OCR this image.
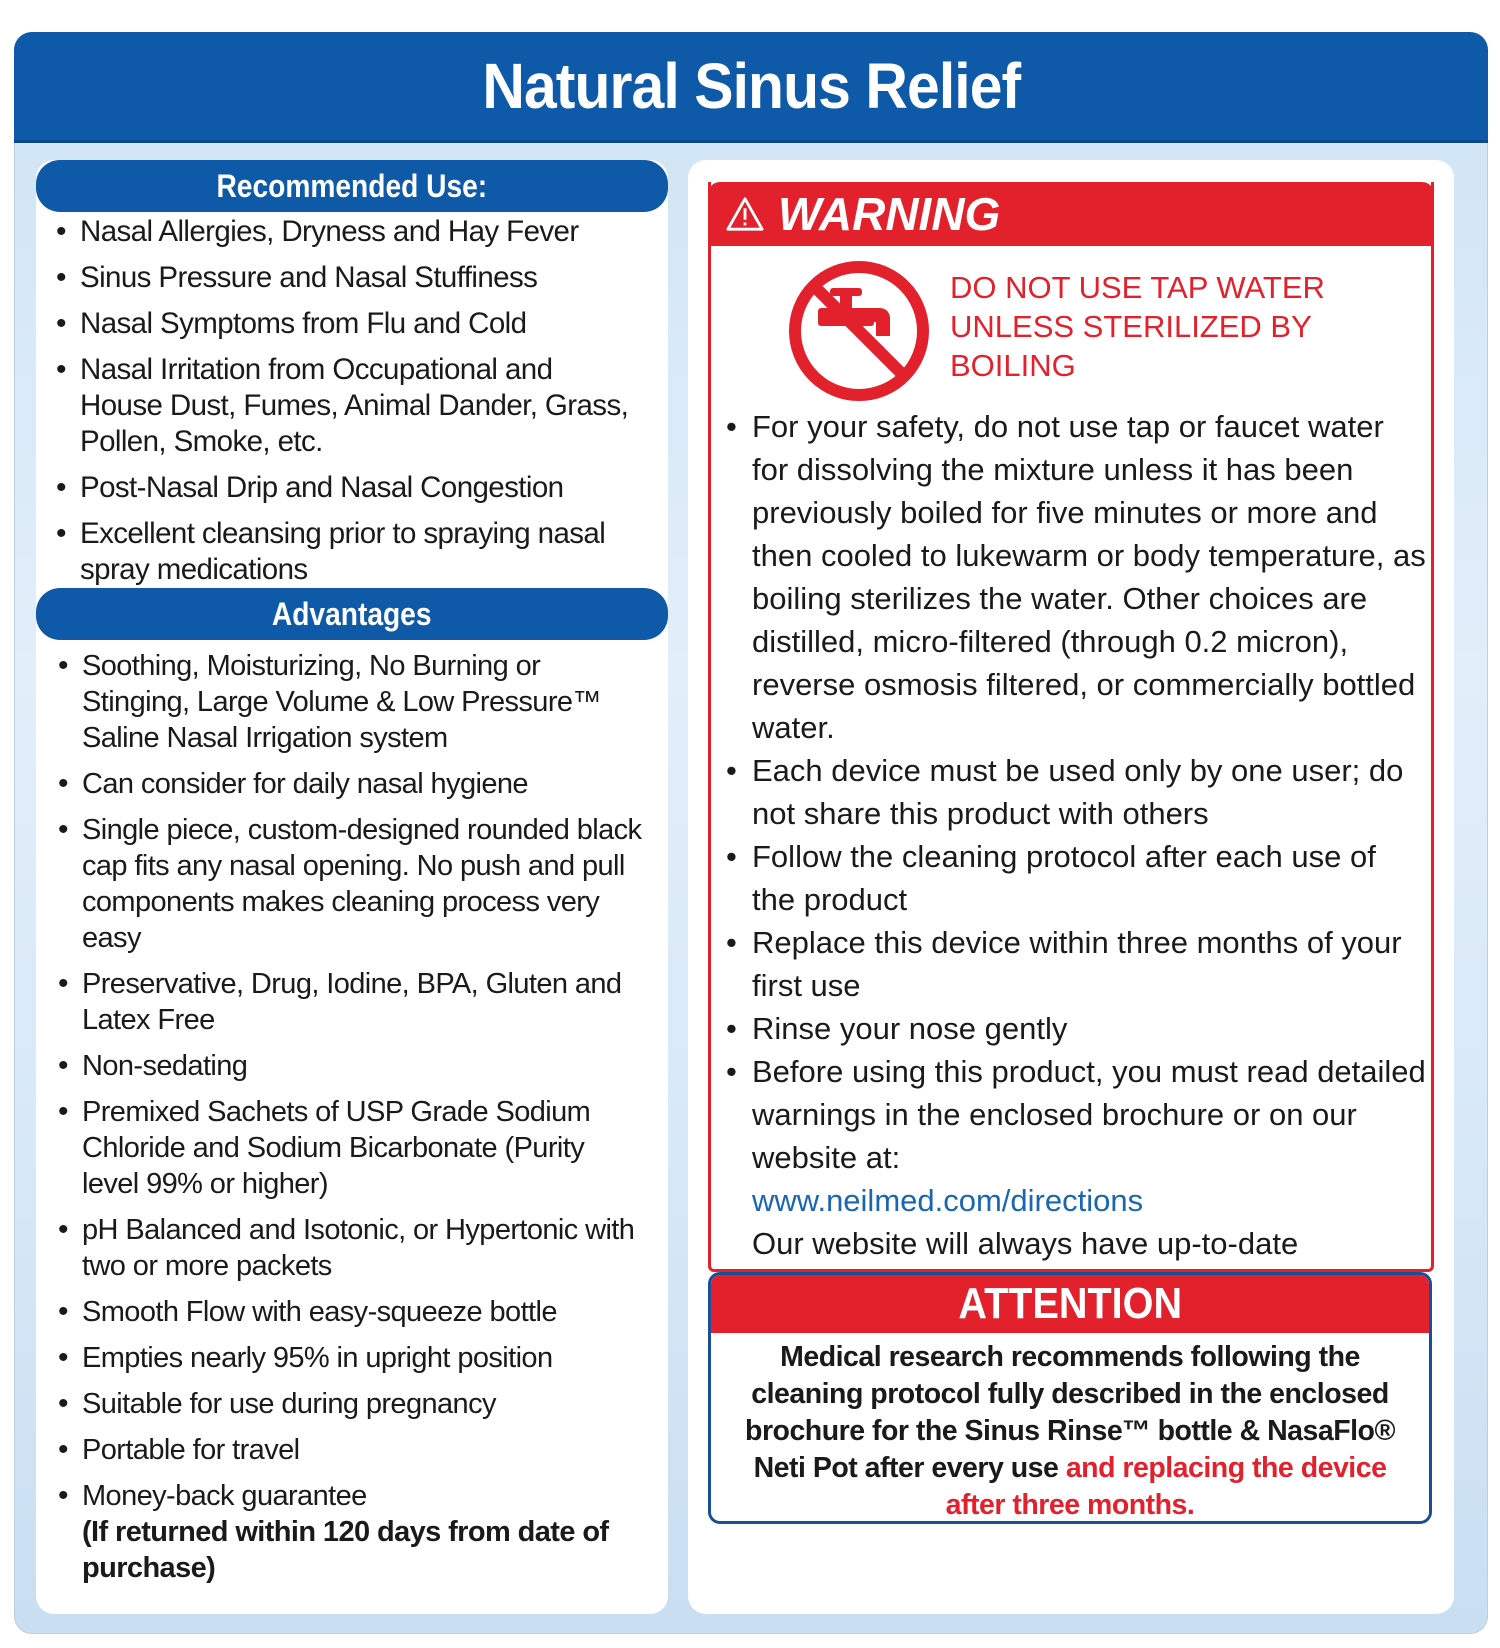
Natural Sinus Relief
Recommended Use:
• Nasal Allergies, Dryness and Hay Fever
• Sinus Pressure and Nasal Stuffiness
• Nasal Symptoms from Flu and Cold
• Nasal Irritation from Occupational and House Dust, Fumes, Animal Dander, Grass, Pollen, Smoke, etc.
• Post-Nasal Drip and Nasal Congestion
• Excellent cleansing prior to spraying nasal spray medications
Advantages
• Soothing, Moisturizing, No Burning or Stinging, Large Volume & Low Pressure™ Saline Nasal Irrigation system
• Can consider for daily nasal hygiene
• Single piece, custom-designed rounded black cap fits any nasal opening. No push and pull components makes cleaning process very easy
• Preservative, Drug, Iodine, BPA, Gluten and Latex Free
• Non-sedating
• Premixed Sachets of USP Grade Sodium Chloride and Sodium Bicarbonate (Purity level 99% or higher)
• pH Balanced and Isotonic, or Hypertonic with two or more packets
• Smooth Flow with easy-squeeze bottle
• Empties nearly 95% in upright position
• Suitable for use during pregnancy
• Portable for travel
• Money-back guarantee
(If returned within 120 days from date of purchase)
WARNING
DO NOT USE TAP WATER UNLESS STERILIZED BY BOILING
• For your safety, do not use tap or faucet water for dissolving the mixture unless it has been previously boiled for five minutes or more and then cooled to lukewarm or body temperature, as boiling sterilizes the water. Other choices are distilled, micro-filtered (through 0.2 micron), reverse osmosis filtered, or commercially bottled water.
• Each device must be used only by one user; do not share this product with others
• Follow the cleaning protocol after each use of the product
• Replace this device within three months of your first use
• Rinse your nose gently
• Before using this product, you must read detailed warnings in the enclosed brochure or on our website at:
www.neilmed.com/directions
Our website will always have up-to-date
ATTENTION
Medical research recommends following the cleaning protocol fully described in the enclosed brochure for the Sinus Rinse™ bottle & NasaFlo® Neti Pot after every use and replacing the device after three months.
